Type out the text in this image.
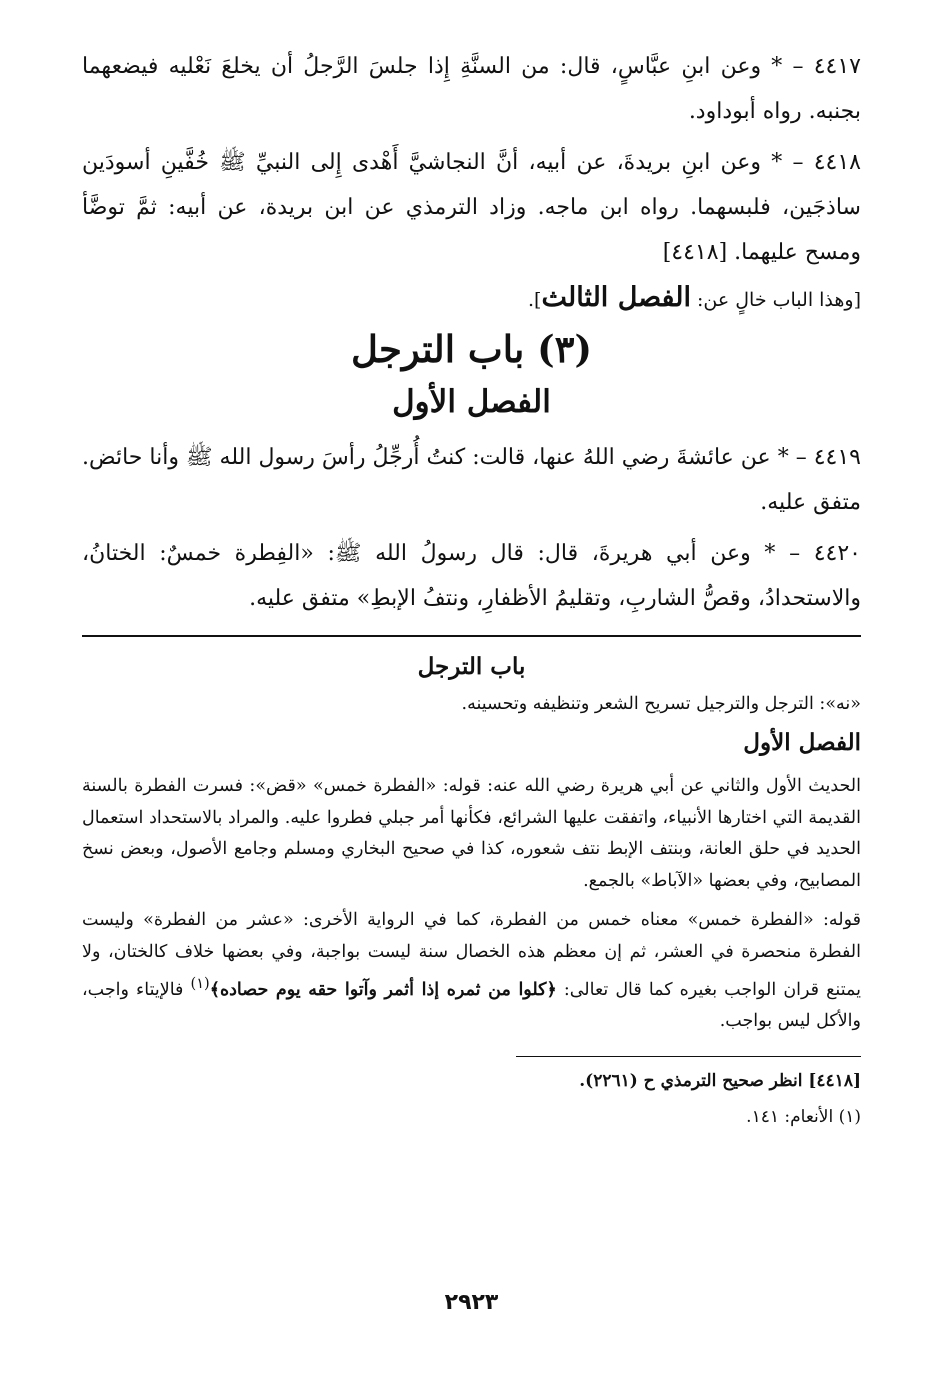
٤٤١٧ – * وعن ابنِ عبَّاسٍ، قال: من السنَّةِ إِذا جلسَ الرَّجلُ أن يخلعَ نَعْليه فيضعهما بجنبه. رواه أبوداود.

٤٤١٨ – * وعن ابنِ بريدةَ، عن أبيه، أنَّ النجاشيَّ أَهْدى إِلى النبيِّ ﷺ خُفَّينِ أسودَين ساذجَين، فلبسهما. رواه ابن ماجه. وزاد الترمذي عن ابن بريدة، عن أبيه: ثمَّ توضَّأ ومسح عليهما. [٤٤١٨]

[وهذا الباب خالٍ عن: الفصل الثالث].

(٣) باب الترجل
الفصل الأول

٤٤١٩ – * عن عائشةَ رضي اللهُ عنها، قالت: كنتُ أُرجِّلُ رأسَ رسول الله ﷺ وأنا حائض. متفق عليه.

٤٤٢٠ – * وعن أبي هريرةَ، قال: قال رسولُ الله ﷺ: «الفِطرة خمسٌ: الختانُ، والاستحدادُ، وقصُّ الشاربِ، وتقليمُ الأظفارِ، ونتفُ الإبطِ» متفق عليه.

باب الترجل

«نه»: الترجل والترجيل تسريح الشعر وتنظيفه وتحسينه.

الفصل الأول

الحديث الأول والثاني عن أبي هريرة رضي الله عنه: قوله: «الفطرة خمس» «قض»: فسرت الفطرة بالسنة القديمة التي اختارها الأنبياء، واتفقت عليها الشرائع، فكأنها أمر جبلي فطروا عليه. والمراد بالاستحداد استعمال الحديد في حلق العانة، وبنتف الإبط نتف شعوره، كذا في صحيح البخاري ومسلم وجامع الأصول، وبعض نسخ المصابيح، وفي بعضها «الآباط» بالجمع.

قوله: «الفطرة خمس» معناه خمس من الفطرة، كما في الرواية الأخرى: «عشر من الفطرة» وليست الفطرة منحصرة في العشر، ثم إن معظم هذه الخصال سنة ليست بواجبة، وفي بعضها خلاف كالختان، ولا يمتنع قران الواجب بغيره كما قال تعالى: ﴿كلوا من ثمره إذا أثمر وآتوا حقه يوم حصاده﴾$^{(١)}$ فالإيتاء واجب، والأكل ليس بواجب.

[٤٤١٨] انظر صحيح الترمذي ح (٢٢٦١).

(١) الأنعام: ١٤١.

٢٩٢٣
